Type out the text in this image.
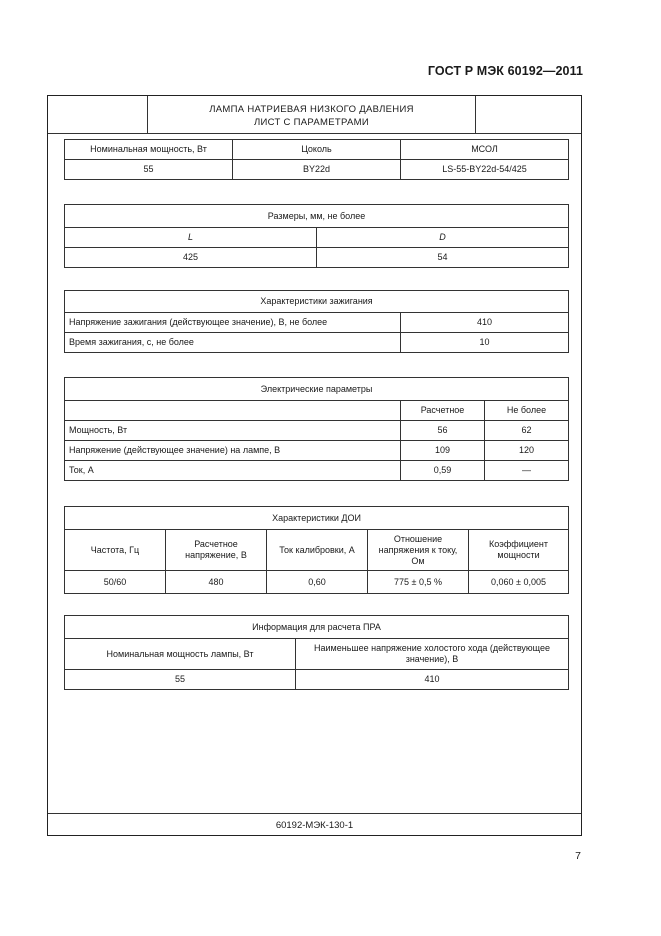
ГОСТ Р МЭК 60192—2011
ЛАМПА НАТРИЕВАЯ НИЗКОГО ДАВЛЕНИЯ
ЛИСТ С ПАРАМЕТРАМИ
60192-МЭК-130-1
Номинальная мощность, Вт	Цоколь	МСОЛ
55	BY22d	LS-55-BY22d-54/425
Размеры, мм, не более	
L	D
425	54
Характеристики зажигания	
Напряжение зажигания (действующее значение), В, не более	410
Время зажигания, с, не более	10
Электрические параметры		
	Расчетное	Не более
Мощность, Вт	56	62
Напряжение (действующее значение) на лампе, В	109	120
Ток, А	0,59	—
Характеристики ДОИ				
Частота, Гц	Расчетное напряжение, В	Ток калибровки, А	Отношение напряжения к току, Ом	Коэффициент мощности
50/60	480	0,60	775 ± 0,5 %	0,060 ± 0,005
Информация для расчета ПРА	
Номинальная мощность лампы, Вт	Наименьшее напряжение холостого хода (действующее значение), В
55	410
7
